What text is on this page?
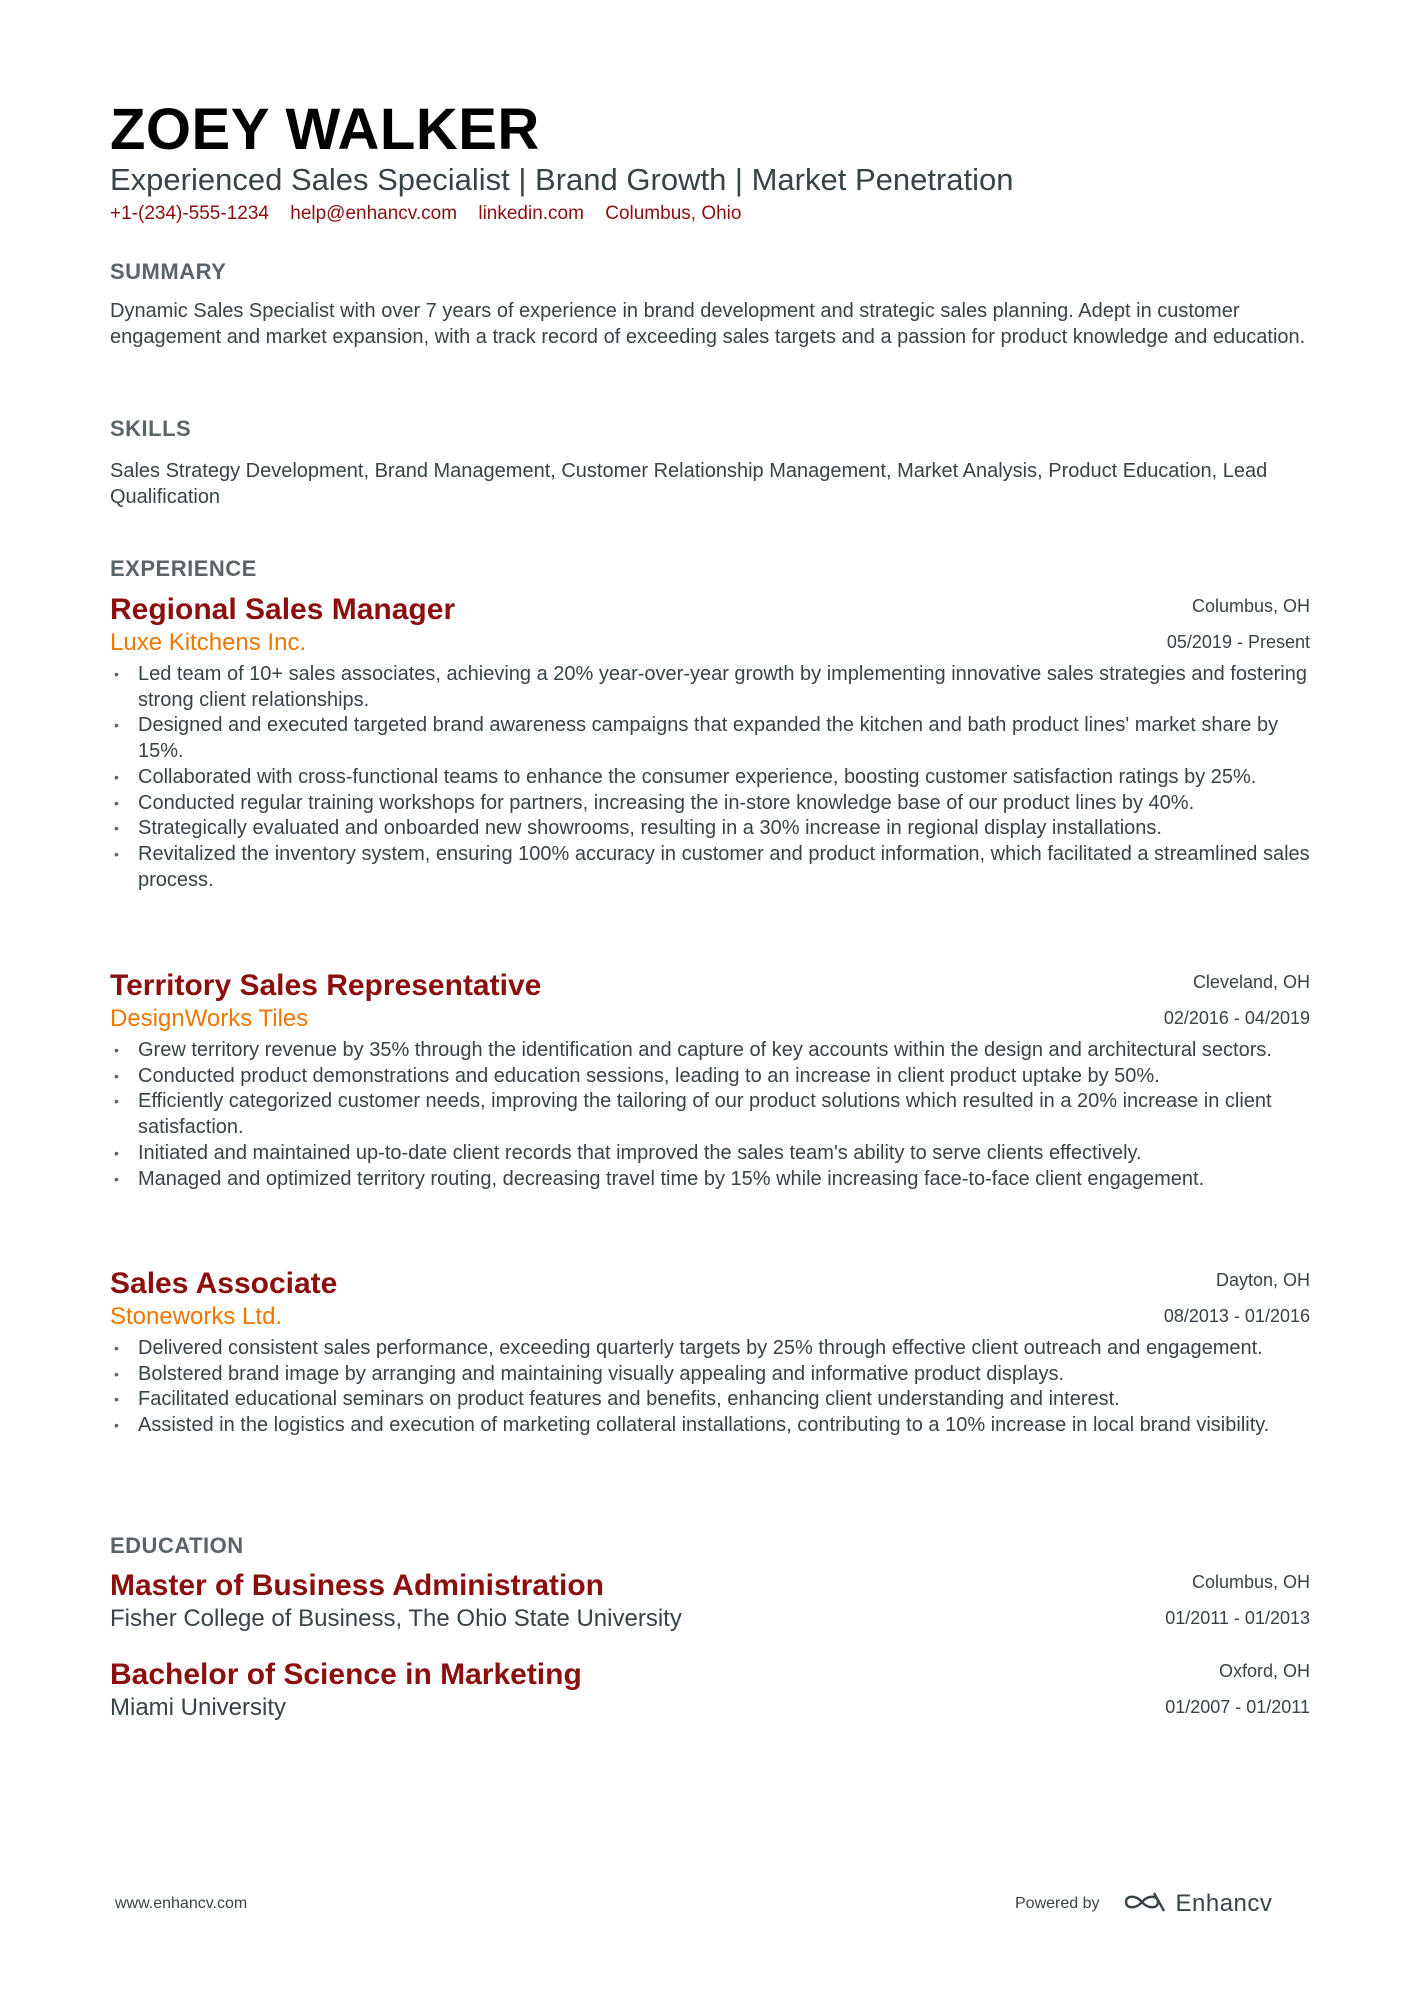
ZOEY WALKER
Experienced Sales Specialist | Brand Growth | Market Penetration
+1-(234)-555-1234 help@enhancv.com linkedin.com Columbus, Ohio
SUMMARY

Dynamic Sales Specialist with over 7 years of experience in brand development and strategic sales planning. Adept in customer engagement and market expansion, with a track record of exceeding sales targets and a passion for product knowledge and education.

SKILLS

Sales Strategy Development, Brand Management, Customer Relationship Management, Market Analysis, Product Education, Lead Qualification

EXPERIENCE
Columbus, OH
05/2019 - Present
Regional Sales Manager
Luxe Kitchens Inc.
• Led team of 10+ sales associates, achieving a 20% year-over-year growth by implementing innovative sales strategies and fostering strong client relationships.
• Designed and executed targeted brand awareness campaigns that expanded the kitchen and bath product lines' market share by 15%.
• Collaborated with cross-functional teams to enhance the consumer experience, boosting customer satisfaction ratings by 25%.
• Conducted regular training workshops for partners, increasing the in-store knowledge base of our product lines by 40%.
• Strategically evaluated and onboarded new showrooms, resulting in a 30% increase in regional display installations.
• Revitalized the inventory system, ensuring 100% accuracy in customer and product information, which facilitated a streamlined sales process.
Cleveland, OH
02/2016 - 04/2019
Territory Sales Representative
DesignWorks Tiles
• Grew territory revenue by 35% through the identification and capture of key accounts within the design and architectural sectors.
• Conducted product demonstrations and education sessions, leading to an increase in client product uptake by 50%.
• Efficiently categorized customer needs, improving the tailoring of our product solutions which resulted in a 20% increase in client satisfaction.
• Initiated and maintained up-to-date client records that improved the sales team's ability to serve clients effectively.
• Managed and optimized territory routing, decreasing travel time by 15% while increasing face-to-face client engagement.
Dayton, OH
08/2013 - 01/2016
Sales Associate
Stoneworks Ltd.
• Delivered consistent sales performance, exceeding quarterly targets by 25% through effective client outreach and engagement.
• Bolstered brand image by arranging and maintaining visually appealing and informative product displays.
• Facilitated educational seminars on product features and benefits, enhancing client understanding and interest.
• Assisted in the logistics and execution of marketing collateral installations, contributing to a 10% increase in local brand visibility.
EDUCATION
Columbus, OH
01/2011 - 01/2013
Master of Business Administration
Fisher College of Business, The Ohio State University
Oxford, OH
01/2007 - 01/2011
Bachelor of Science in Marketing
Miami University
www.enhancv.com	Powered by	Enhancv
